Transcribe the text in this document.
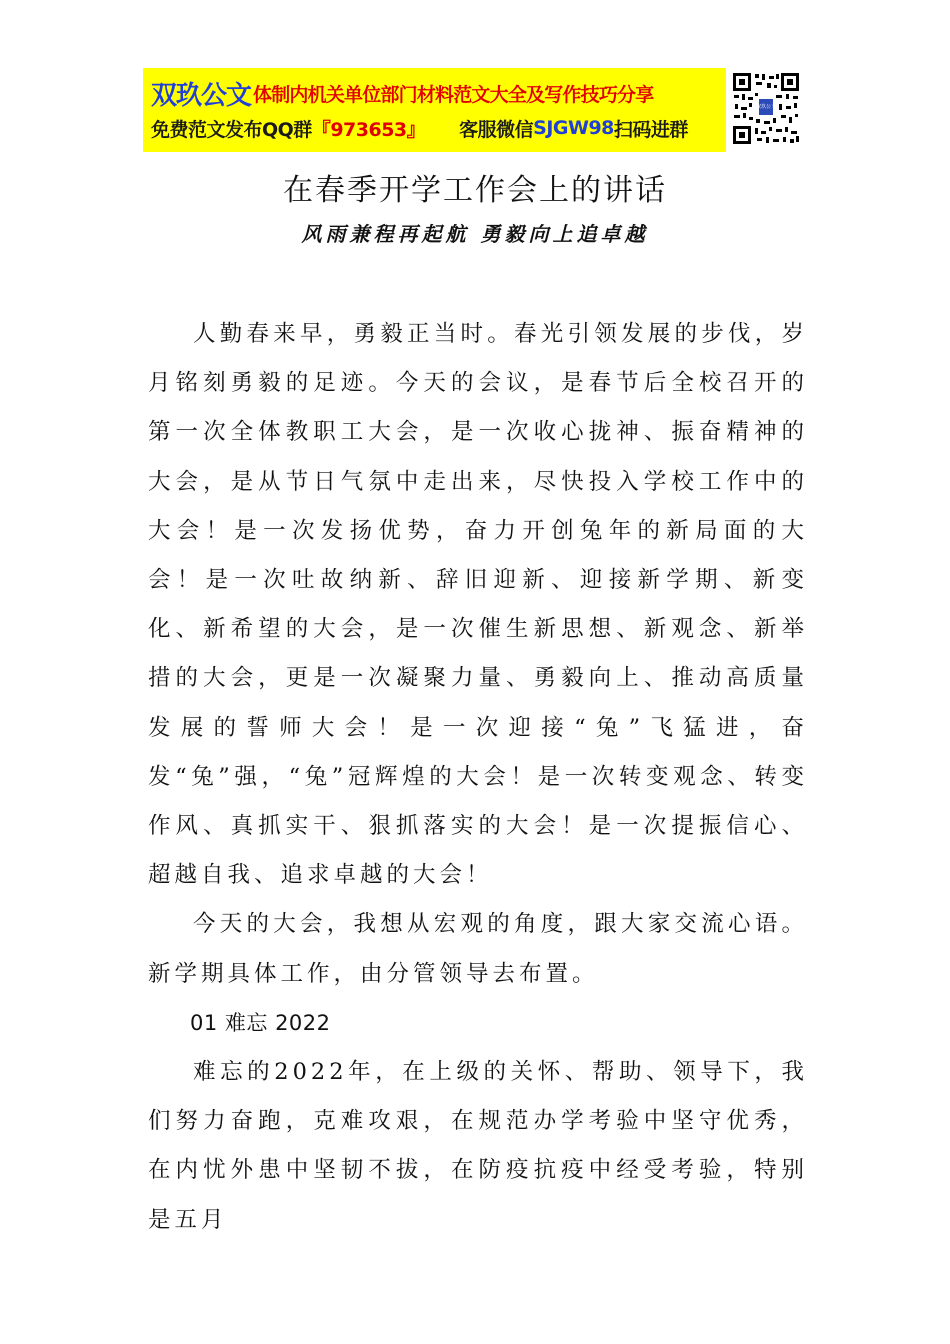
双玖公文 体制内机关单位部门材料范文大全及写作技巧分享
免费范文发布QQ群 『973653』 客服微信 SJGW98 扫码进群
双玖公文
在春季开学工作会上的讲话
风雨兼程再起航 勇毅向上追卓越

人勤春来早，勇毅正当时。春光引领发展的步伐，岁月铭刻勇毅的足迹。今天的会议，是春节后全校召开的第一次全体教职工大会，是一次收心拢神、振奋精神的大会，是从节日气氛中走出来，尽快投入学校工作中的大会！是一次发扬优势，奋力开创兔年的新局面的大会！是一次吐故纳新、辞旧迎新、迎接新学期、新变化、新希望的大会，是一次催生新思想、新观念、新举措的大会，更是一次凝聚力量、勇毅向上、推动高质量发展的誓师大会！是一次迎接“兔”飞猛进，奋发“兔”强，“兔”冠辉煌的大会！是一次转变观念、转变作风、真抓实干、狠抓落实的大会！是一次提振信心、超越自我、追求卓越的大会！

今天的大会，我想从宏观的角度，跟大家交流心语。新学期具体工作，由分管领导去布置。

01 难忘 2022

难忘的2022年，在上级的关怀、帮助、领导下，我们努力奋跑，克难攻艰，在规范办学考验中坚守优秀，在内忧外患中坚韧不拔，在防疫抗疫中经受考验，特别是五月
